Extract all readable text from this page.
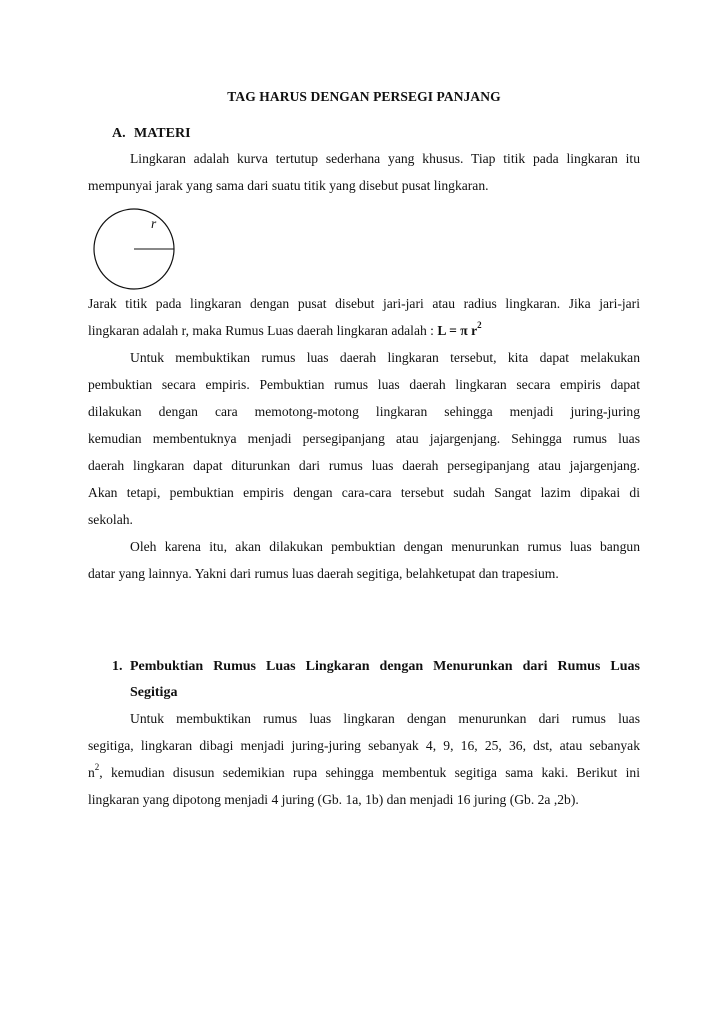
TAG HARUS DENGAN PERSEGI PANJANG
A. MATERI
Lingkaran adalah kurva tertutup sederhana yang khusus. Tiap titik pada lingkaran itu
mempunyai jarak yang sama dari suatu titik yang disebut pusat lingkaran.
r
Jarak titik pada lingkaran dengan pusat disebut jari-jari atau radius lingkaran. Jika jari-jari
lingkaran adalah r, maka Rumus Luas daerah lingkaran adalah : L = π $r^2$
Untuk membuktikan rumus luas daerah lingkaran tersebut, kita dapat melakukan
pembuktian secara empiris. Pembuktian rumus luas daerah lingkaran secara empiris dapat
dilakukan dengan cara memotong-motong lingkaran sehingga menjadi juring-juring
kemudian membentuknya menjadi persegipanjang atau jajargenjang. Sehingga rumus luas
daerah lingkaran dapat diturunkan dari rumus luas daerah persegipanjang atau jajargenjang.
Akan tetapi, pembuktian empiris dengan cara-cara tersebut sudah Sangat lazim dipakai di
sekolah.
Oleh karena itu, akan dilakukan pembuktian dengan menurunkan rumus luas bangun
datar yang lainnya. Yakni dari rumus luas daerah segitiga, belahketupat dan trapesium.
1. Pembuktian Rumus Luas Lingkaran dengan Menurunkan dari Rumus Luas
Segitiga
Untuk membuktikan rumus luas lingkaran dengan menurunkan dari rumus luas
segitiga, lingkaran dibagi menjadi juring-juring sebanyak 4, 9, 16, 25, 36, dst, atau sebanyak
$n^2$, kemudian disusun sedemikian rupa sehingga membentuk segitiga sama kaki. Berikut ini
lingkaran yang dipotong menjadi 4 juring (Gb. 1a, 1b) dan menjadi 16 juring (Gb. 2a ,2b).
